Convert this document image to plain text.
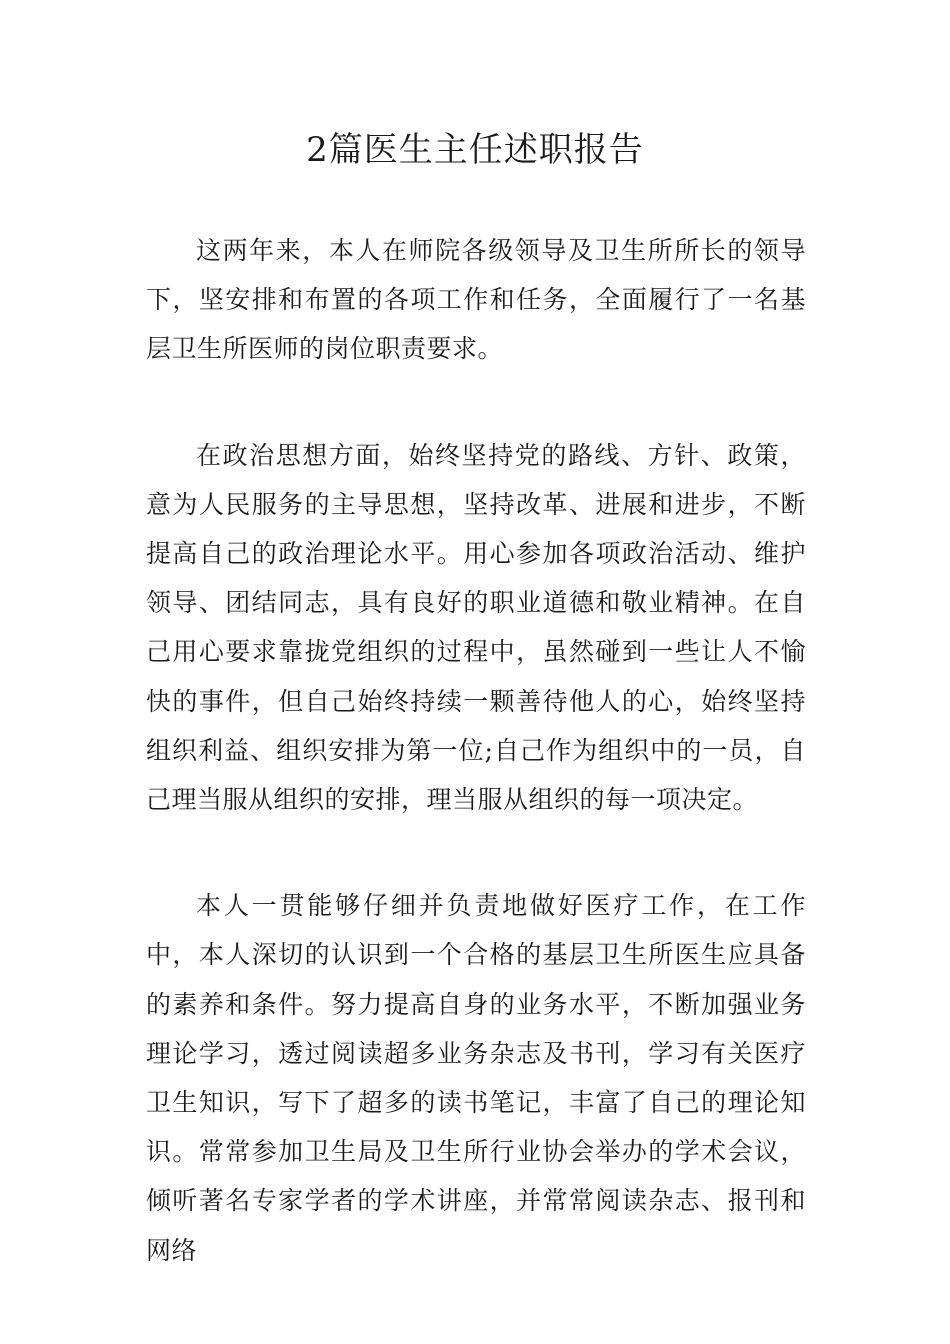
2篇医生主任述职报告

这两年来，本人在师院各级领导及卫生所所长的领导下，坚安排和布置的各项工作和任务，全面履行了一名基层卫生所医师的岗位职责要求。

在政治思想方面，始终坚持党的路线、方针、政策，意为人民服务的主导思想，坚持改革、进展和进步，不断提高自己的政治理论水平。用心参加各项政治活动、维护领导、团结同志，具有良好的职业道德和敬业精神。在自己用心要求靠拢党组织的过程中，虽然碰到一些让人不愉快的事件，但自己始终持续一颗善待他人的心，始终坚持组织利益、组织安排为第一位;自己作为组织中的一员，自己理当服从组织的安排，理当服从组织的每一项决定。

本人一贯能够仔细并负责地做好医疗工作，在工作中，本人深切的认识到一个合格的基层卫生所医生应具备的素养和条件。努力提高自身的业务水平，不断加强业务理论学习，透过阅读超多业务杂志及书刊，学习有关医疗卫生知识，写下了超多的读书笔记，丰富了自己的理论知识。常常参加卫生局及卫生所行业协会举办的学术会议，倾听著名专家学者的学术讲座，并常常阅读杂志、报刊和网络
